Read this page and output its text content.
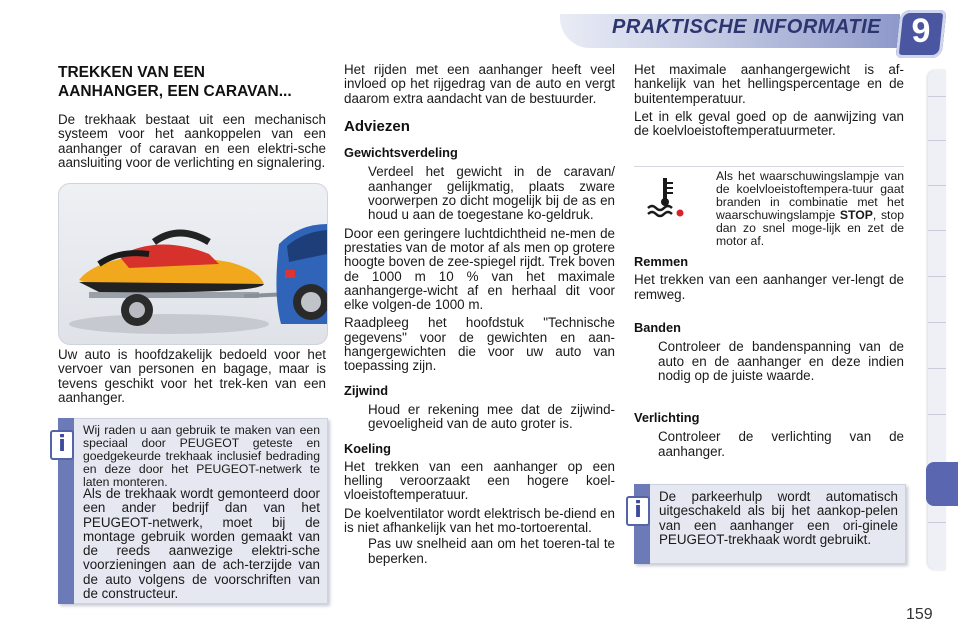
PRAKTISCHE INFORMATIE 9
TREKKEN VAN EEN
AANHANGER, EEN CARAVAN...
De trekhaak bestaat uit een mechanisch systeem voor het aankoppelen van een aanhanger of caravan en een elektri-sche aansluiting voor de verlichting en signalering.
Uw auto is hoofdzakelijk bedoeld voor het vervoer van personen en bagage, maar is tevens geschikt voor het trek-ken van een aanhanger.
i
Wij raden u aan gebruik te maken van een speciaal door PEUGEOT geteste en goedgekeurde trekhaak inclusief bedrading en deze door het PEUGEOT-netwerk te laten monteren.
Als de trekhaak wordt gemonteerd door een ander bedrijf dan van het PEUGEOT-netwerk, moet bij de montage gebruik worden gemaakt van de reeds aanwezige elektri-sche voorzieningen aan de ach-terzijde van de auto volgens de voorschriften van de constructeur.
Het rijden met een aanhanger heeft veel invloed op het rijgedrag van de auto en vergt daarom extra aandacht van de bestuurder.
Adviezen
Gewichtsverdeling
Verdeel het gewicht in de caravan/ aanhanger gelijkmatig, plaats zware voorwerpen zo dicht mogelijk bij de as en houd u aan de toegestane ko-geldruk.
Door een geringere luchtdichtheid ne-men de prestaties van de motor af als men op grotere hoogte boven de zee-spiegel rijdt. Trek boven de 1000 m 10 % van het maximale aanhangerge-wicht af en herhaal dit voor elke volgen-de 1000 m.
Raadpleeg het hoofdstuk "Technische gegevens" voor de gewichten en aan-hangergewichten die voor uw auto van toepassing zijn.
Zijwind
Houd er rekening mee dat de zijwind-gevoeligheid van de auto groter is.
Koeling
Het trekken van een aanhanger op een helling veroorzaakt een hogere koel-vloeistoftemperatuur.
De koelventilator wordt elektrisch be-diend en is niet afhankelijk van het mo-tortoerental.
Pas uw snelheid aan om het toeren-tal te beperken.
Het maximale aanhangergewicht is af-hankelijk van het hellingspercentage en de buitentemperatuur.
Let in elk geval goed op de aanwijzing van de koelvloeistoftemperatuurmeter.
Als het waarschuwingslampje van de koelvloeistoftempera-tuur gaat branden in combinatie met het waarschuwingslampje STOP, stop dan zo snel moge-lijk en zet de motor af.
Remmen
Het trekken van een aanhanger ver-lengt de remweg.
Banden
Controleer de bandenspanning van de auto en de aanhanger en deze indien nodig op de juiste waarde.
Verlichting
Controleer de verlichting van de aanhanger.
i
De parkeerhulp wordt automatisch uitgeschakeld als bij het aankop-pelen van een aanhanger een ori-ginele PEUGEOT-trekhaak wordt gebruikt.
159
